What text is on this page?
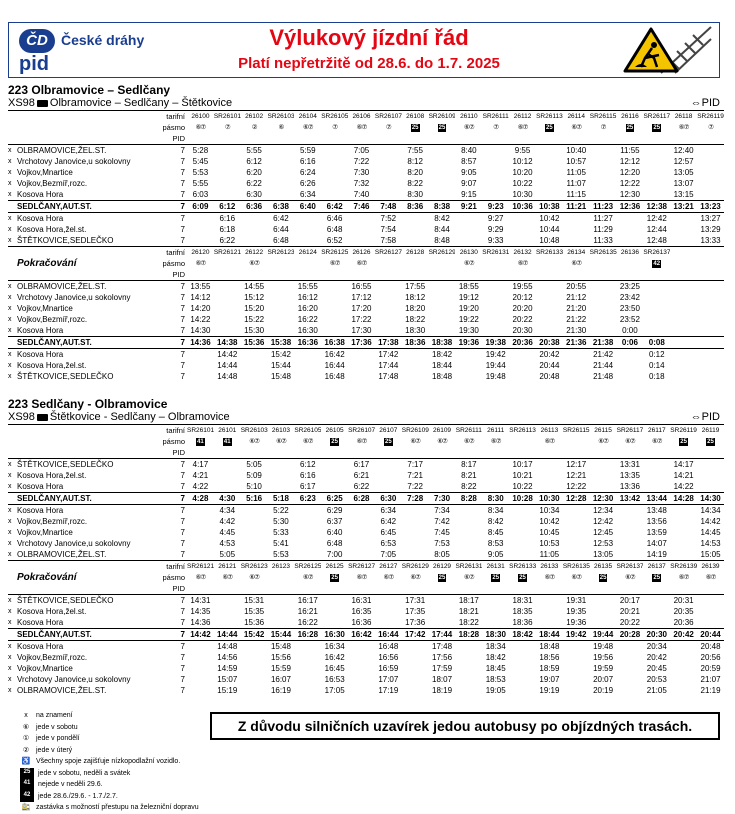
ČD České dráhy
pid
Výlukový jízdní řád
Platí nepřetržitě od 28.6. do 1.7. 2025
223 Olbramovice – Sedlčany
XS98 Olbramovice – Sedlčany – Štětkovice	⇔PID
		tarifní	26100	SR26101	26102	SR26103	26104	SR26105	26106	SR26107	26108	SR26109	26110	SR26111	26112	SR26113	26114	SR26115	26116	SR26117	26118	SR26119
		pásmo	⑥⑦	⑦	②	⑥	⑥⑦	⑦	⑥⑦	⑦	25	25	⑥⑦	⑦	⑥⑦	25	⑥⑦	⑦	25	25	⑥⑦	⑦
		PID																				
x	OLBRAMOVICE,ŽEL.ST.	7	5:28		5:55		5:59		7:05		7:55		8:40		9:55		10:40		11:55		12:40	
x	Vrchotovy Janovice,u sokolovny	7	5:45		6:12		6:16		7:22		8:12		8:57		10:12		10:57		12:12		12:57	
x	Vojkov,Mnartice	7	5:53		6:20		6:24		7:30		8:20		9:05		10:20		11:05		12:20		13:05	
x	Vojkov,Bezmíř,rozc.	7	5:55		6:22		6:26		7:32		8:22		9:07		10:22		11:07		12:22		13:07	
x	Kosova Hora	7	6:03		6:30		6:34		7:40		8:30		9:15		10:30		11:15		12:30		13:15	
	SEDLČANY,AUT.ST.	7	6:09	6:12	6:36	6:38	6:40	6:42	7:46	7:48	8:36	8:38	9:21	9:23	10:36	10:38	11:21	11:23	12:36	12:38	13:21	13:23
x	Kosova Hora	7		6:16		6:42		6:46		7:52		8:42		9:27		10:42		11:27		12:42		13:27
x	Kosova Hora,žel.st.	7		6:18		6:44		6:48		7:54		8:44		9:29		10:44		11:29		12:44		13:29
x	ŠTĚTKOVICE,SEDLEČKO	7		6:22		6:48		6:52		7:58		8:48		9:33		10:48		11:33		12:48		13:33
		tarifní	26120	SR26121	26122	SR26123	26124	SR26125	26126	SR26127	26128	SR26129	26130	SR26131	26132	SR26133	26134	SR26135	26136	SR26137		
	Pokračování	pásmo	⑥⑦		⑥⑦			⑥⑦	⑥⑦				⑥⑦		⑥⑦		⑥⑦			42		
		PID																				
x	OLBRAMOVICE,ŽEL.ST.	7	13:55		14:55		15:55		16:55		17:55		18:55		19:55		20:55		23:25			
x	Vrchotovy Janovice,u sokolovny	7	14:12		15:12		16:12		17:12		18:12		19:12		20:12		21:12		23:42			
x	Vojkov,Mnartice	7	14:20		15:20		16:20		17:20		18:20		19:20		20:20		21:20		23:50			
x	Vojkov,Bezmíř,rozc.	7	14:22		15:22		16:22		17:22		18:22		19:22		20:22		21:22		23:52			
x	Kosova Hora	7	14:30		15:30		16:30		17:30		18:30		19:30		20:30		21:30		0:00			
	SEDLČANY,AUT.ST.	7	14:36	14:38	15:36	15:38	16:36	16:38	17:36	17:38	18:36	18:38	19:36	19:38	20:36	20:38	21:36	21:38	0:06	0:08		
x	Kosova Hora	7		14:42		15:42		16:42		17:42		18:42		19:42		20:42		21:42		0:12		
x	Kosova Hora,žel.st.	7		14:44		15:44		16:44		17:44		18:44		19:44		20:44		21:44		0:14		
x	ŠTĚTKOVICE,SEDLEČKO	7		14:48		15:48		16:48		17:48		18:48		19:48		20:48		21:48		0:18		
223 Sedlčany - Olbramovice
XS98 Štětkovice - Sedlčany – Olbramovice	⇔PID
		tarifní	SR26101	26101	SR26103	26103	SR26105	26105	SR26107	26107	SR26109	26109	SR26111	26111	SR26113	26113	SR26115	26115	SR26117	26117	SR26119	26119
		pásmo	41	41	⑥⑦	⑥⑦	⑥⑦	25	⑥⑦	25	⑥⑦	⑥⑦	⑥⑦	⑥⑦		⑥⑦		⑥⑦	⑥⑦	⑥⑦	25	25
		PID																				
x	ŠTĚTKOVICE,SEDLEČKO	7	4:17		5:05		6:12		6:17		7:17		8:17		10:17		12:17		13:31		14:17	
x	Kosova Hora,žel.st.	7	4:21		5:09		6:16		6:21		7:21		8:21		10:21		12:21		13:35		14:21	
x	Kosova Hora	7	4:22		5:10		6:17		6:22		7:22		8:22		10:22		12:22		13:36		14:22	
	SEDLČANY,AUT.ST.	7	4:28	4:30	5:16	5:18	6:23	6:25	6:28	6:30	7:28	7:30	8:28	8:30	10:28	10:30	12:28	12:30	13:42	13:44	14:28	14:30
x	Kosova Hora	7		4:34		5:22		6:29		6:34		7:34		8:34		10:34		12:34		13:48		14:34
x	Vojkov,Bezmíř,rozc.	7		4:42		5:30		6:37		6:42		7:42		8:42		10:42		12:42		13:56		14:42
x	Vojkov,Mnartice	7		4:45		5:33		6:40		6:45		7:45		8:45		10:45		12:45		13:59		14:45
x	Vrchotovy Janovice,u sokolovny	7		4:53		5:41		6:48		6:53		7:53		8:53		10:53		12:53		14:07		14:53
x	OLBRAMOVICE,ŽEL.ST.	7		5:05		5:53		7:00		7:05		8:05		9:05		11:05		13:05		14:19		15:05
		tarifní	SR26121	26121	SR26123	26123	SR26125	26125	SR26127	26127	SR26129	26129	SR26131	26131	SR26133	26133	SR26135	26135	SR26137	26137	SR26139	26139
	Pokračování	pásmo	⑥⑦	⑥⑦	⑥⑦		⑥⑦	25	⑥⑦	⑥⑦	⑥⑦	25	⑥⑦	25	25	⑥⑦	⑥⑦	25	⑥⑦	25	⑥⑦	⑥⑦
		PID																				
x	ŠTĚTKOVICE,SEDLEČKO	7	14:31		15:31		16:17		16:31		17:31		18:17		18:31		19:31		20:17		20:31	
x	Kosova Hora,žel.st.	7	14:35		15:35		16:21		16:35		17:35		18:21		18:35		19:35		20:21		20:35	
x	Kosova Hora	7	14:36		15:36		16:22		16:36		17:36		18:22		18:36		19:36		20:22		20:36	
	SEDLČANY,AUT.ST.	7	14:42	14:44	15:42	15:44	16:28	16:30	16:42	16:44	17:42	17:44	18:28	18:30	18:42	18:44	19:42	19:44	20:28	20:30	20:42	20:44
x	Kosova Hora	7		14:48		15:48		16:34		16:48		17:48		18:34		18:48		19:48		20:34		20:48
x	Vojkov,Bezmíř,rozc.	7		14:56		15:56		16:42		16:56		17:56		18:42		18:56		19:56		20:42		20:56
x	Vojkov,Mnartice	7		14:59		15:59		16:45		16:59		17:59		18:45		18:59		19:59		20:45		20:59
x	Vrchotovy Janovice,u sokolovny	7		15:07		16:07		16:53		17:07		18:07		18:53		19:07		20:07		20:53		21:07
x	OLBRAMOVICE,ŽEL.ST.	7		15:19		16:19		17:05		17:19		18:19		19:05		19:19		20:19		21:05		21:19
x	na znamení
⑥ jede v sobotu
① jede v pondělí
② jede v úterý
♿ Všechny spoje zajišťuje nízkopodlažní vozidlo.
25	jede v sobotu, neděli a svátek
41	nejede v neděli 29.6.
42	jede 28.6./29.6. - 1.7./2.7.
🚉 zastávka s možností přestupu na železniční dopravu
Z důvodu silničních uzavírek jedou autobusy po objízdných trasách.
